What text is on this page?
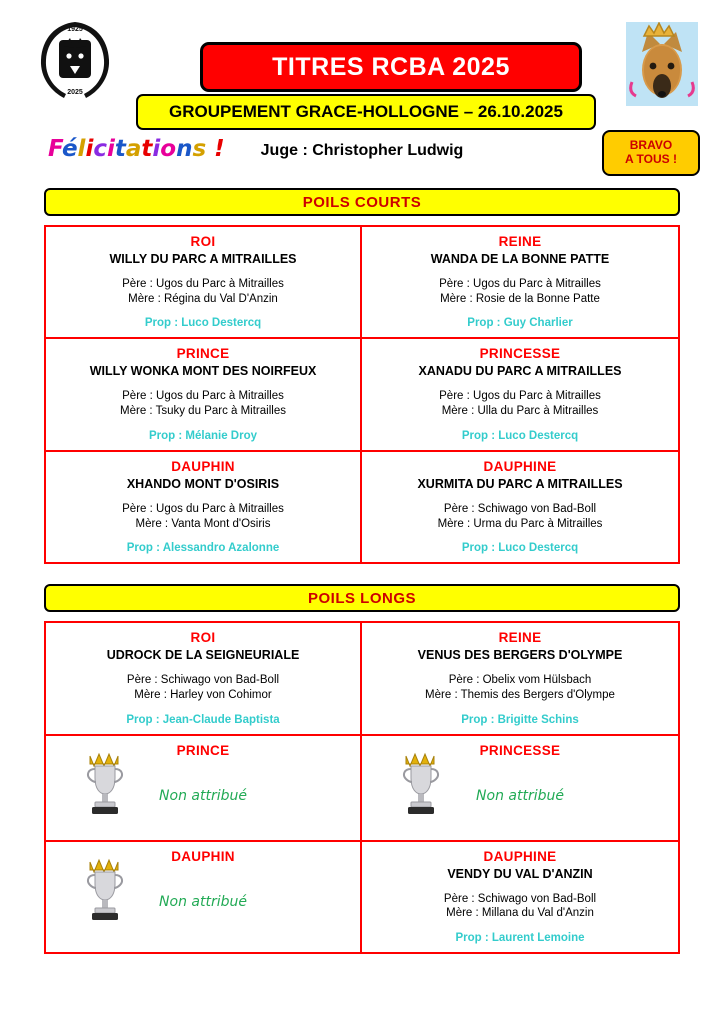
1925
2025
TITRES RCBA 2025
GROUPEMENT GRACE-HOLLOGNE – 26.10.2025
Félicitations !	Juge : Christopher Ludwig	BRAVO
A TOUS !
POILS COURTS
ROI
WILLY DU PARC A MITRAILLES
Père : Ugos du Parc à Mitrailles
Mère : Régina du Val D'Anzin
Prop : Luco Destercq
REINE
WANDA DE LA BONNE PATTE
Père : Ugos du Parc à Mitrailles
Mère : Rosie de la Bonne Patte
Prop : Guy Charlier
PRINCE
WILLY WONKA MONT DES NOIRFEUX
Père : Ugos du Parc à Mitrailles
Mère : Tsuky du Parc à Mitrailles
Prop : Mélanie Droy
PRINCESSE
XANADU DU PARC A MITRAILLES
Père : Ugos du Parc à Mitrailles
Mère : Ulla du Parc à Mitrailles
Prop : Luco Destercq
DAUPHIN
XHANDO MONT D'OSIRIS
Père : Ugos du Parc à Mitrailles
Mère : Vanta Mont d'Osiris
Prop : Alessandro Azalonne
DAUPHINE
XURMITA DU PARC A MITRAILLES
Père : Schiwago von Bad-Boll
Mère : Urma du Parc à Mitrailles
Prop : Luco Destercq
POILS LONGS
ROI
UDROCK DE LA SEIGNEURIALE
Père : Schiwago von Bad-Boll
Mère : Harley von Cohimor
Prop : Jean-Claude Baptista
REINE
VENUS DES BERGERS D'OLYMPE
Père : Obelix vom Hülsbach
Mère : Themis des Bergers d'Olympe
Prop : Brigitte Schins
PRINCE
Non attribué
PRINCESSE
Non attribué
DAUPHIN
Non attribué
DAUPHINE
VENDY DU VAL D'ANZIN
Père : Schiwago von Bad-Boll
Mère : Millana du Val d'Anzin
Prop : Laurent Lemoine
